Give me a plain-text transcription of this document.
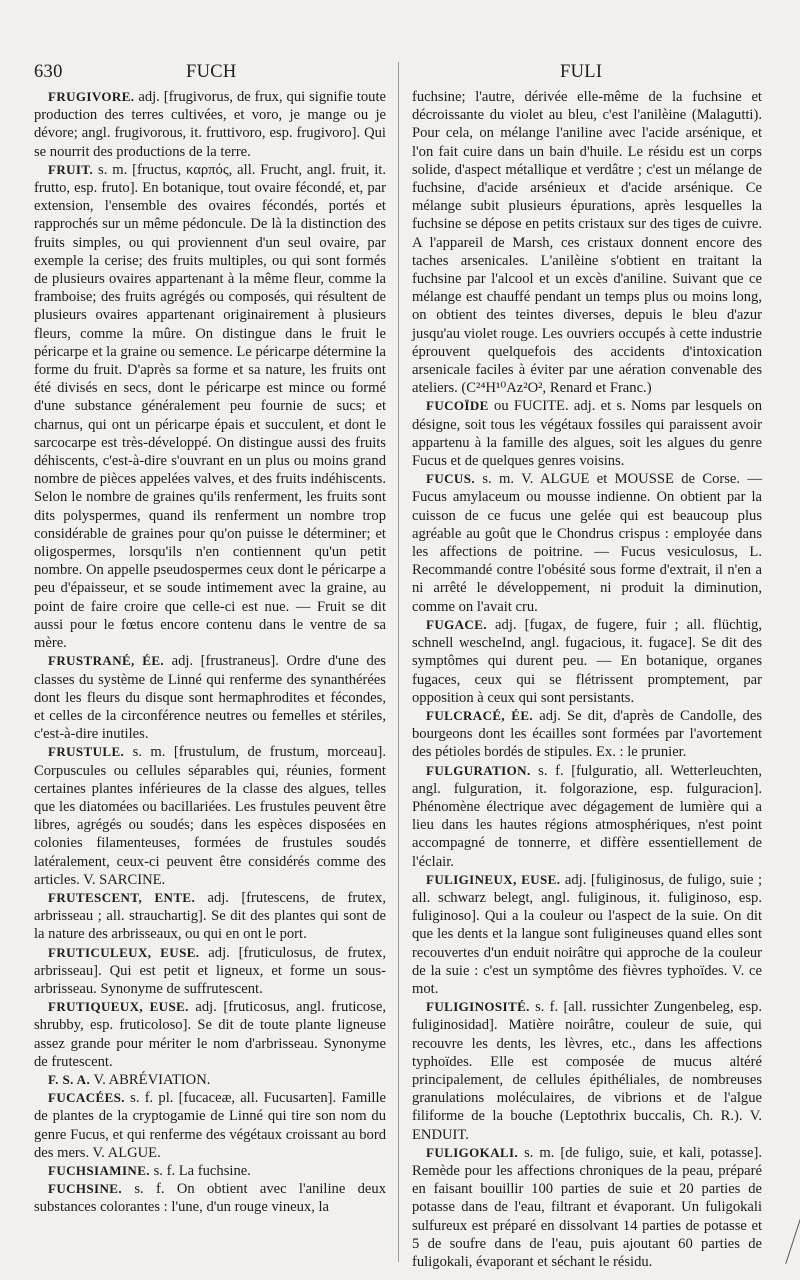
630	FUCH	FULI

FRUGIVORE. adj. [frugivorus, de frux, qui signifie toute production des terres cultivées, et voro, je mange ou je dévore; angl. frugivorous, it. fruttivoro, esp. frugivoro]. Qui se nourrit des productions de la terre.

FRUIT. s. m. [fructus, καρπός, all. Frucht, angl. fruit, it. frutto, esp. fruto]. En botanique, tout ovaire fécondé, et, par extension, l'ensemble des ovaires fécondés, portés et rapprochés sur un même pédoncule. De là la distinction des fruits simples, ou qui proviennent d'un seul ovaire, par exemple la cerise; des fruits multiples, ou qui sont formés de plusieurs ovaires appartenant à la même fleur, comme la framboise; des fruits agrégés ou composés, qui résultent de plusieurs ovaires appartenant originairement à plusieurs fleurs, comme la mûre. On distingue dans le fruit le péricarpe et la graine ou semence. Le péricarpe détermine la forme du fruit. D'après sa forme et sa nature, les fruits ont été divisés en secs, dont le péricarpe est mince ou formé d'une substance généralement peu fournie de sucs; et charnus, qui ont un péricarpe épais et succulent, et dont le sarcocarpe est très-développé. On distingue aussi des fruits déhiscents, c'est-à-dire s'ouvrant en un plus ou moins grand nombre de pièces appelées valves, et des fruits indéhiscents. Selon le nombre de graines qu'ils renferment, les fruits sont dits polyspermes, quand ils renferment un nombre trop considérable de graines pour qu'on puisse le déterminer; et oligospermes, lorsqu'ils n'en contiennent qu'un petit nombre. On appelle pseudospermes ceux dont le péricarpe a peu d'épaisseur, et se soude intimement avec la graine, au point de faire croire que celle-ci est nue. — Fruit se dit aussi pour le fœtus encore contenu dans le ventre de sa mère.

FRUSTRANÉ, ÉE. adj. [frustraneus]. Ordre d'une des classes du système de Linné qui renferme des synanthérées dont les fleurs du disque sont hermaphrodites et fécondes, et celles de la circonférence neutres ou femelles et stériles, c'est-à-dire inutiles.

FRUSTULE. s. m. [frustulum, de frustum, morceau]. Corpuscules ou cellules séparables qui, réunies, forment certaines plantes inférieures de la classe des algues, telles que les diatomées ou bacillariées. Les frustules peuvent être libres, agrégés ou soudés; dans les espèces disposées en colonies filamenteuses, formées de frustules soudés latéralement, ceux-ci peuvent être considérés comme des articles. V. SARCINE.

FRUTESCENT, ENTE. adj. [frutescens, de frutex, arbrisseau ; all. strauchartig]. Se dit des plantes qui sont de la nature des arbrisseaux, ou qui en ont le port.

FRUTICULEUX, EUSE. adj. [fruticulosus, de frutex, arbrisseau]. Qui est petit et ligneux, et forme un sous-arbrisseau. Synonyme de suffrutescent.

FRUTIQUEUX, EUSE. adj. [fruticosus, angl. fruticose, shrubby, esp. fruticoloso]. Se dit de toute plante ligneuse assez grande pour mériter le nom d'arbrisseau. Synonyme de frutescent.

F. S. A. V. ABRÉVIATION.

FUCACÉES. s. f. pl. [fucaceæ, all. Fucusarten]. Famille de plantes de la cryptogamie de Linné qui tire son nom du genre Fucus, et qui renferme des végétaux croissant au bord des mers. V. ALGUE.

FUCHSIAMINE. s. f. La fuchsine.

FUCHSINE. s. f. On obtient avec l'aniline deux substances colorantes : l'une, d'un rouge vineux, la

fuchsine; l'autre, dérivée elle-même de la fuchsine et décroissante du violet au bleu, c'est l'anilèine (Malagutti). Pour cela, on mélange l'aniline avec l'acide arsénique, et l'on fait cuire dans un bain d'huile. Le résidu est un corps solide, d'aspect métallique et verdâtre ; c'est un mélange de fuchsine, d'acide arsénieux et d'acide arsénique. Ce mélange subit plusieurs épurations, après lesquelles la fuchsine se dépose en petits cristaux sur des tiges de cuivre. A l'appareil de Marsh, ces cristaux donnent encore des taches arsenicales. L'anilèine s'obtient en traitant la fuchsine par l'alcool et un excès d'aniline. Suivant que ce mélange est chauffé pendant un temps plus ou moins long, on obtient des teintes diverses, depuis le bleu d'azur jusqu'au violet rouge. Les ouvriers occupés à cette industrie éprouvent quelquefois des accidents d'intoxication arsenicale faciles à éviter par une aération convenable des ateliers. (C²⁴H¹⁰Az²O², Renard et Franc.)

FUCOÏDE ou FUCITE. adj. et s. Noms par lesquels on désigne, soit tous les végétaux fossiles qui paraissent avoir appartenu à la famille des algues, soit les algues du genre Fucus et de quelques genres voisins.

FUCUS. s. m. V. ALGUE et MOUSSE de Corse. — Fucus amylaceum ou mousse indienne. On obtient par la cuisson de ce fucus une gelée qui est beaucoup plus agréable au goût que le Chondrus crispus : employée dans les affections de poitrine. — Fucus vesiculosus, L. Recommandé contre l'obésité sous forme d'extrait, il n'en a ni arrêté le développement, ni produit la diminution, comme on l'avait cru.

FUGACE. adj. [fugax, de fugere, fuir ; all. flüchtig, schnell wescheInd, angl. fugacious, it. fugace]. Se dit des symptômes qui durent peu. — En botanique, organes fugaces, ceux qui se flétrissent promptement, par opposition à ceux qui sont persistants.

FULCRACÉ, ÉE. adj. Se dit, d'après de Candolle, des bourgeons dont les écailles sont formées par l'avortement des pétioles bordés de stipules. Ex. : le prunier.

FULGURATION. s. f. [fulguratio, all. Wetterleuchten, angl. fulguration, it. folgorazione, esp. fulguracion]. Phénomène électrique avec dégagement de lumière qui a lieu dans les hautes régions atmosphériques, n'est point accompagné de tonnerre, et diffère essentiellement de l'éclair.

FULIGINEUX, EUSE. adj. [fuliginosus, de fuligo, suie ; all. schwarz belegt, angl. fuliginous, it. fuliginoso, esp. fuliginoso]. Qui a la couleur ou l'aspect de la suie. On dit que les dents et la langue sont fuligineuses quand elles sont recouvertes d'un enduit noirâtre qui approche de la couleur de la suie : c'est un symptôme des fièvres typhoïdes. V. ce mot.

FULIGINOSITÉ. s. f. [all. russichter Zungenbeleg, esp. fuliginosidad]. Matière noirâtre, couleur de suie, qui recouvre les dents, les lèvres, etc., dans les affections typhoïdes. Elle est composée de mucus altéré principalement, de cellules épithéliales, de nombreuses granulations moléculaires, de vibrions et de l'algue filiforme de la bouche (Leptothrix buccalis, Ch. R.). V. ENDUIT.

FULIGOKALI. s. m. [de fuligo, suie, et kali, potasse]. Remède pour les affections chroniques de la peau, préparé en faisant bouillir 100 parties de suie et 20 parties de potasse dans de l'eau, filtrant et évaporant. Un fuligokali sulfureux est préparé en dissolvant 14 parties de potasse et 5 de soufre dans de l'eau, puis ajoutant 60 parties de fuligokali, évaporant et séchant le résidu.
